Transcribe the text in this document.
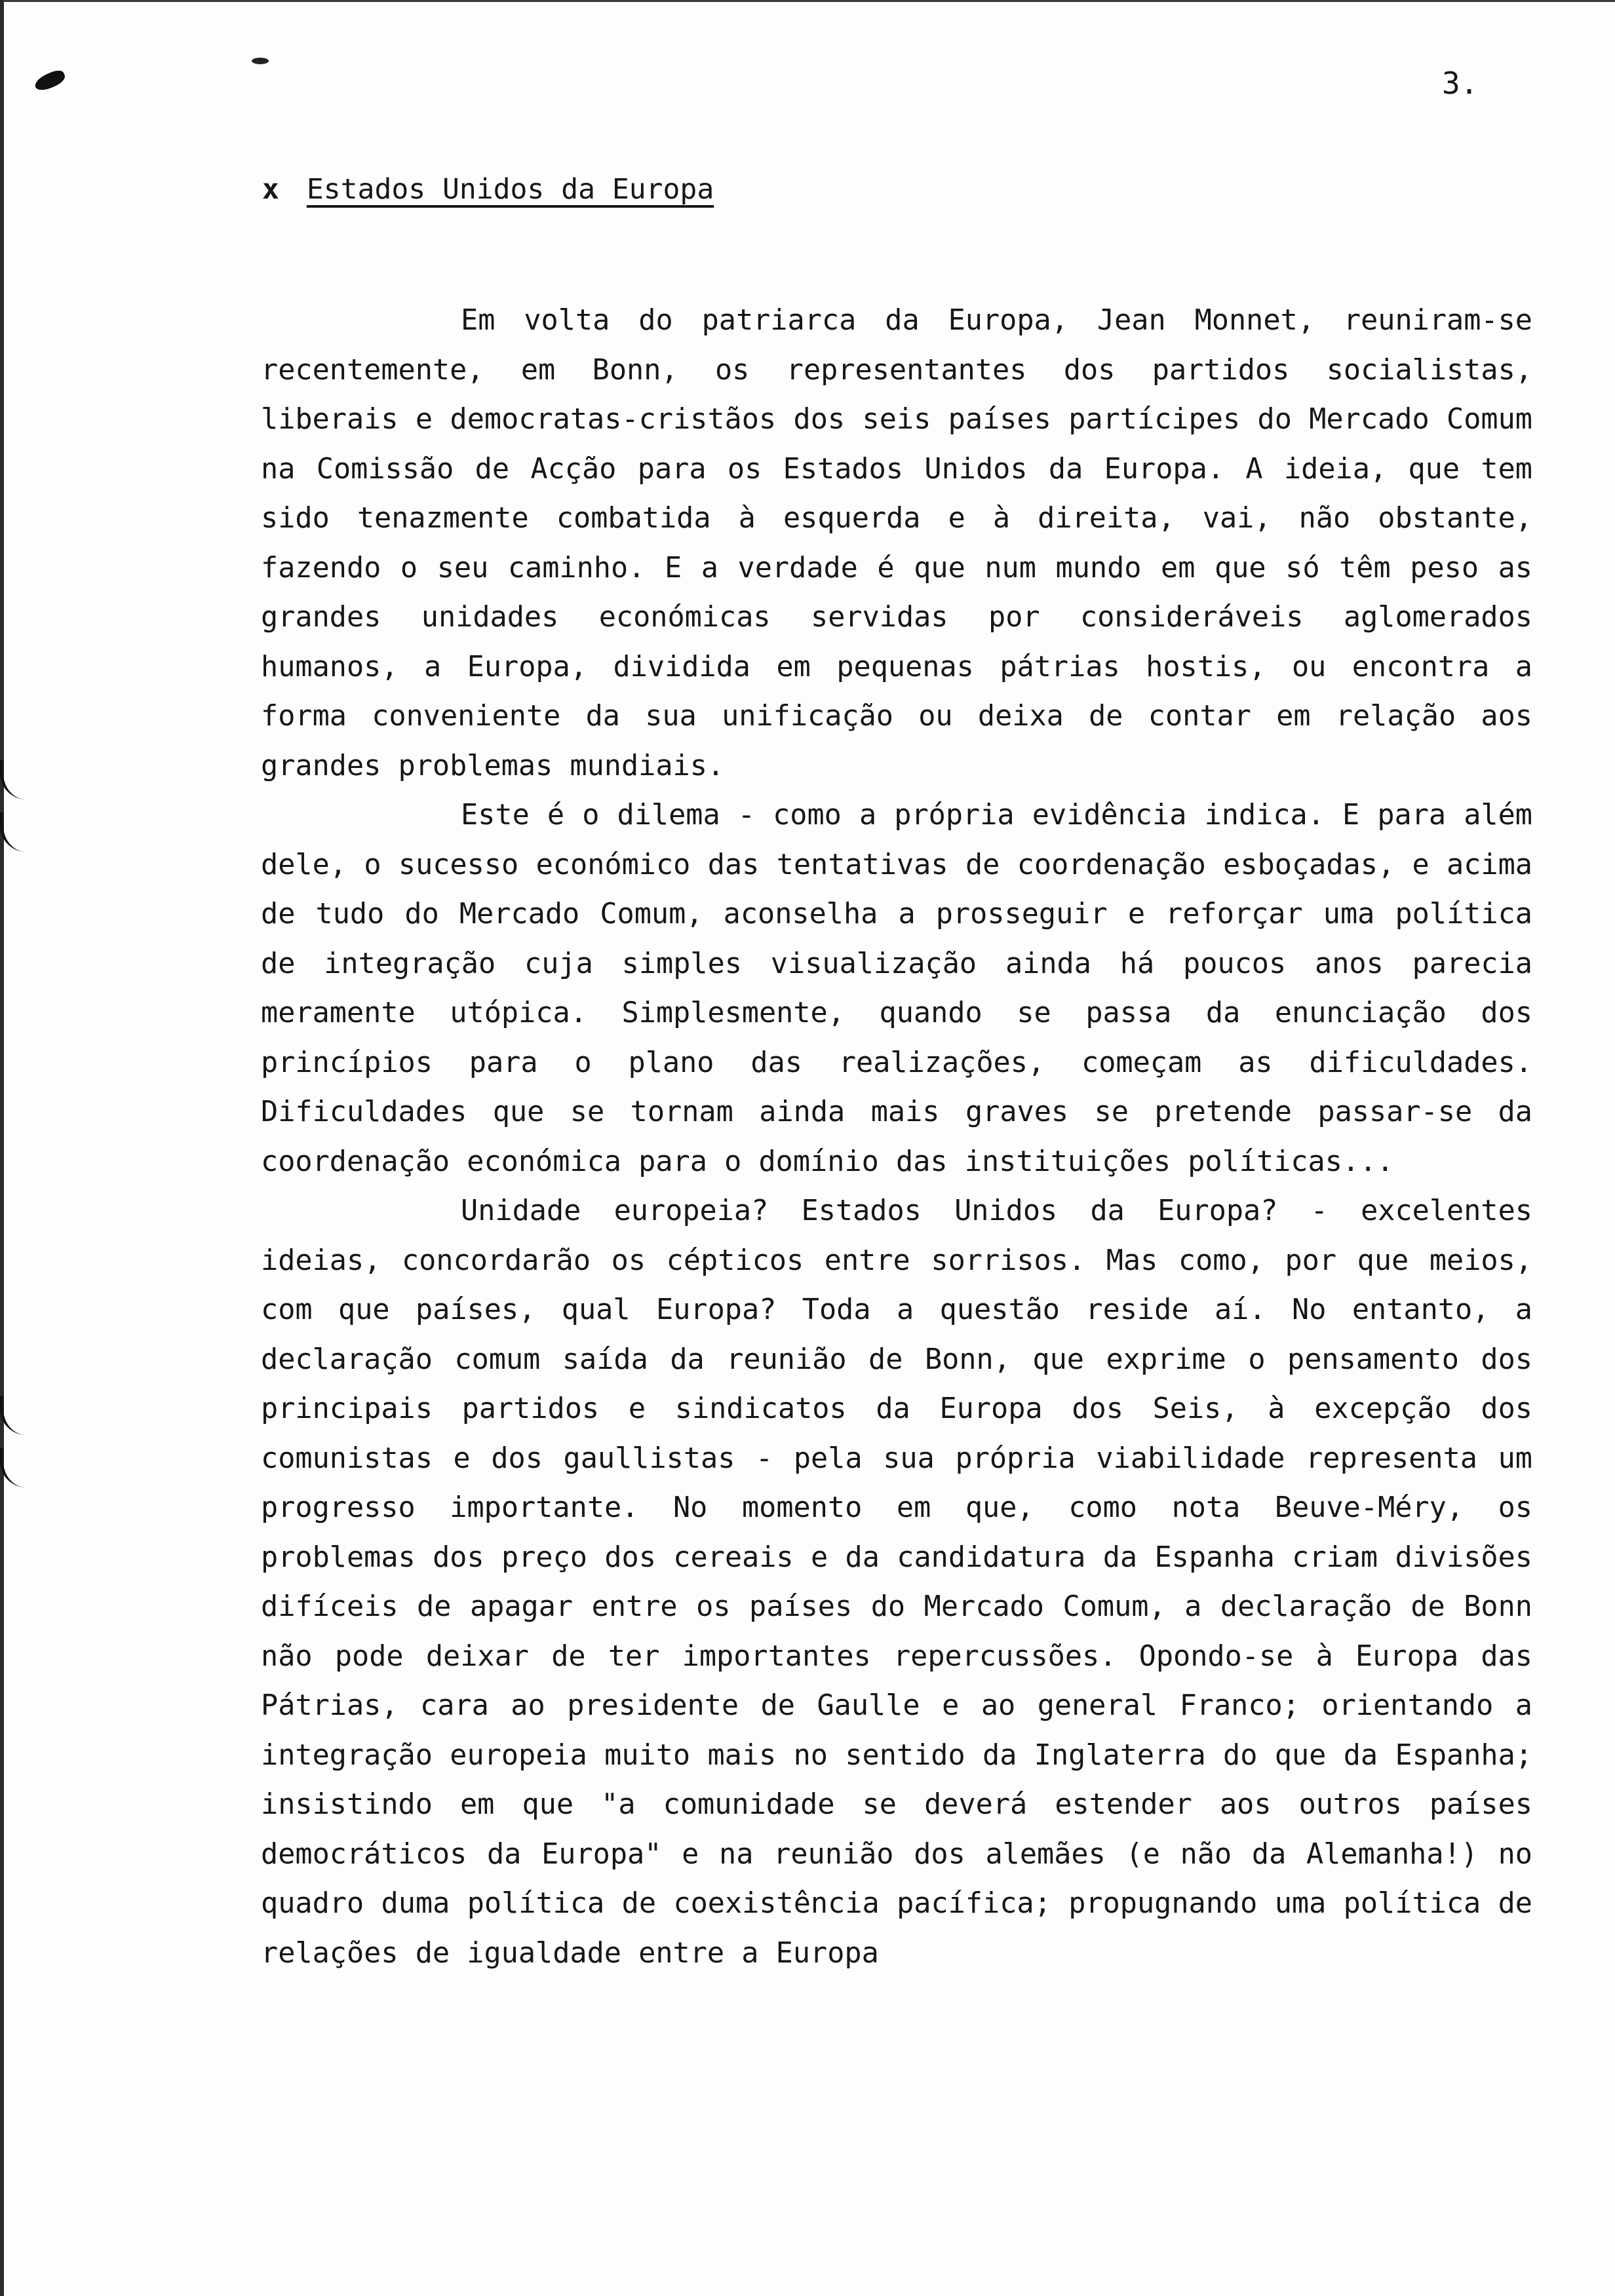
3.
x Estados Unidos da Europa

Em volta do patriarca da Europa, Jean Monnet, reuniram-se recentemente, em Bonn, os representantes dos partidos socialistas, liberais e democratas-cristãos dos seis países partícipes do Mercado Comum na Comissão de Acção para os Estados Unidos da Europa. A ideia, que tem sido tenazmente combatida à esquerda e à direita, vai, não obstante, fazendo o seu caminho. E a verdade é que num mundo em que só têm peso as grandes unidades económicas servidas por consideráveis aglomerados humanos, a Europa, dividida em pequenas pátrias hostis, ou encontra a forma conveniente da sua unificação ou deixa de contar em relação aos grandes problemas mundiais.

Este é o dilema - como a própria evidência indica. E para além dele, o sucesso económico das tentativas de coordenação esboçadas, e acima de tudo do Mercado Comum, aconselha a prosseguir e reforçar uma política de integração cuja simples visualização ainda há poucos anos parecia meramente utópica. Simplesmente, quando se passa da enunciação dos princípios para o plano das realizações, começam as dificuldades. Dificuldades que se tornam ainda mais graves se pretende passar-se da coordenação económica para o domínio das instituições políticas...

Unidade europeia? Estados Unidos da Europa? - excelentes ideias, concordarão os cépticos entre sorrisos. Mas como, por que meios, com que países, qual Europa? Toda a questão reside aí. No entanto, a declaração comum saída da reunião de Bonn, que exprime o pensamento dos principais partidos e sindicatos da Europa dos Seis, à excepção dos comunistas e dos gaullistas - pela sua própria viabilidade representa um progresso importante. No momento em que, como nota Beuve-Méry, os problemas dos preço dos cereais e da candidatura da Espanha criam divisões difíceis de apagar entre os países do Mercado Comum, a declaração de Bonn não pode deixar de ter importantes repercussões. Opondo-se à Europa das Pátrias, cara ao presidente de Gaulle e ao general Franco; orientando a integração europeia muito mais no sentido da Inglaterra do que da Espanha; insistindo em que "a comunidade se deverá estender aos outros países democráticos da Europa" e na reunião dos alemães (e não da Alemanha!) no quadro duma política de coexistência pacífica; propugnando uma política de relações de igualdade entre a Europa
